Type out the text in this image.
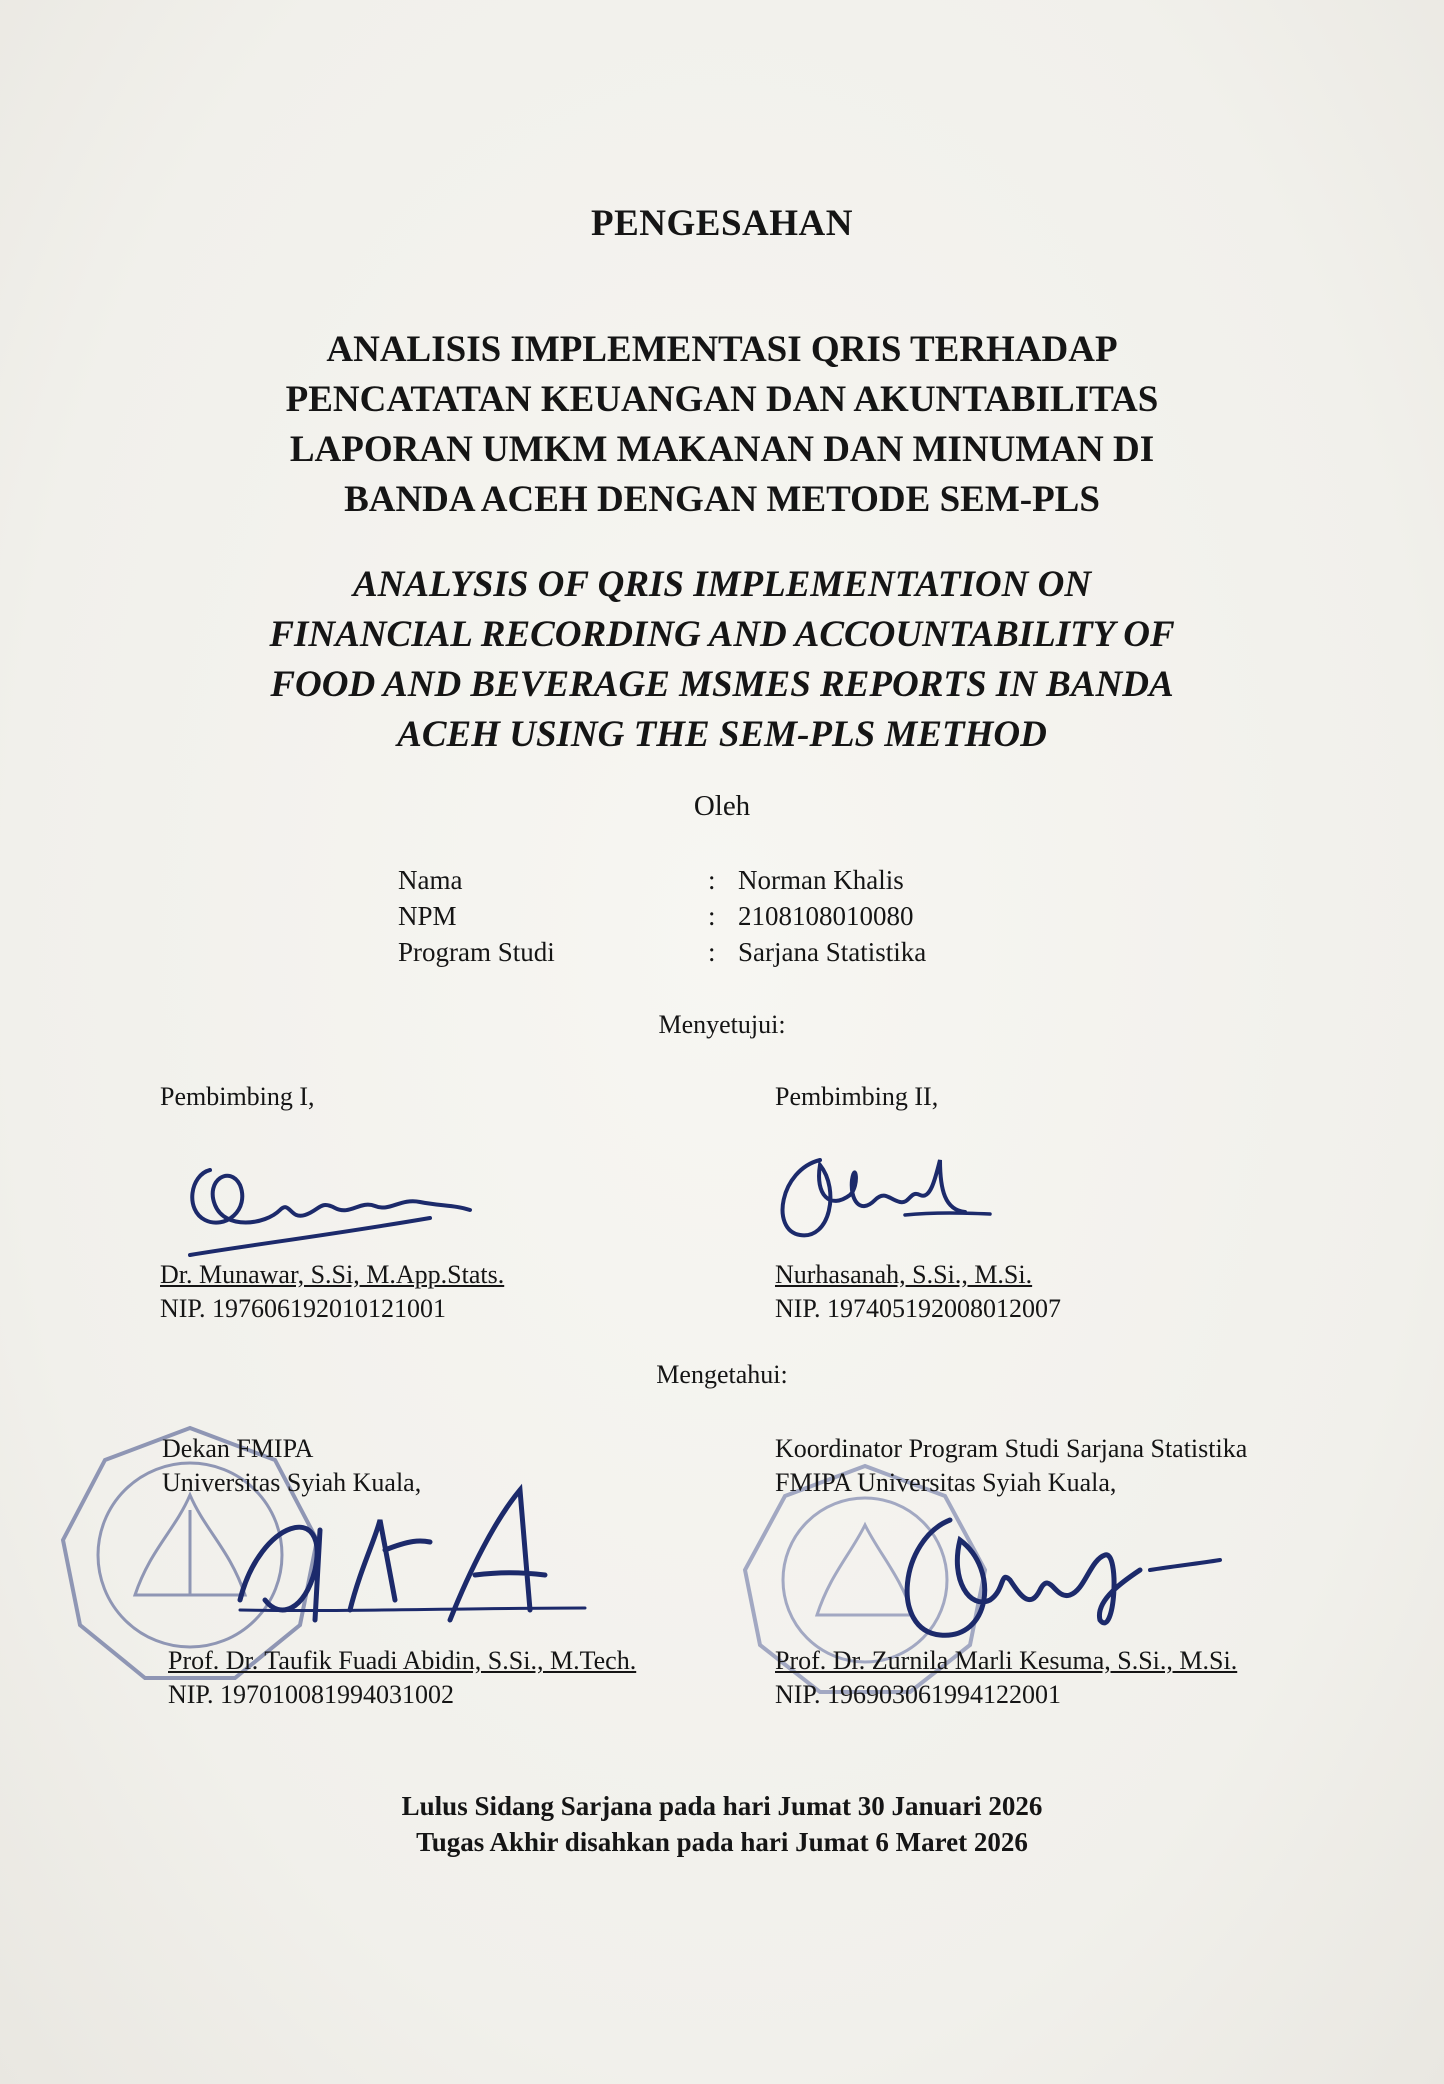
PENGESAHAN
ANALISIS IMPLEMENTASI QRIS TERHADAP
PENCATATAN KEUANGAN DAN AKUNTABILITAS
LAPORAN UMKM MAKANAN DAN MINUMAN DI
BANDA ACEH DENGAN METODE SEM-PLS
ANALYSIS OF QRIS IMPLEMENTATION ON
FINANCIAL RECORDING AND ACCOUNTABILITY OF
FOOD AND BEVERAGE MSMES REPORTS IN BANDA
ACEH USING THE SEM-PLS METHOD
Oleh
Nama	: Norman Khalis
NPM	: 2108108010080
Program Studi	: Sarjana Statistika
Menyetujui:
Pembimbing I,
Dr. Munawar, S.Si, M.App.Stats.
NIP. 197606192010121001
Pembimbing II,
Nurhasanah, S.Si., M.Si.
NIP. 197405192008012007
Mengetahui:
Dekan FMIPA
Universitas Syiah Kuala,
Prof. Dr. Taufik Fuadi Abidin, S.Si., M.Tech.
NIP. 197010081994031002
Koordinator Program Studi Sarjana Statistika
FMIPA Universitas Syiah Kuala,
Prof. Dr. Zurnila Marli Kesuma, S.Si., M.Si.
NIP. 196903061994122001
Lulus Sidang Sarjana pada hari Jumat 30 Januari 2026
Tugas Akhir disahkan pada hari Jumat 6 Maret 2026
